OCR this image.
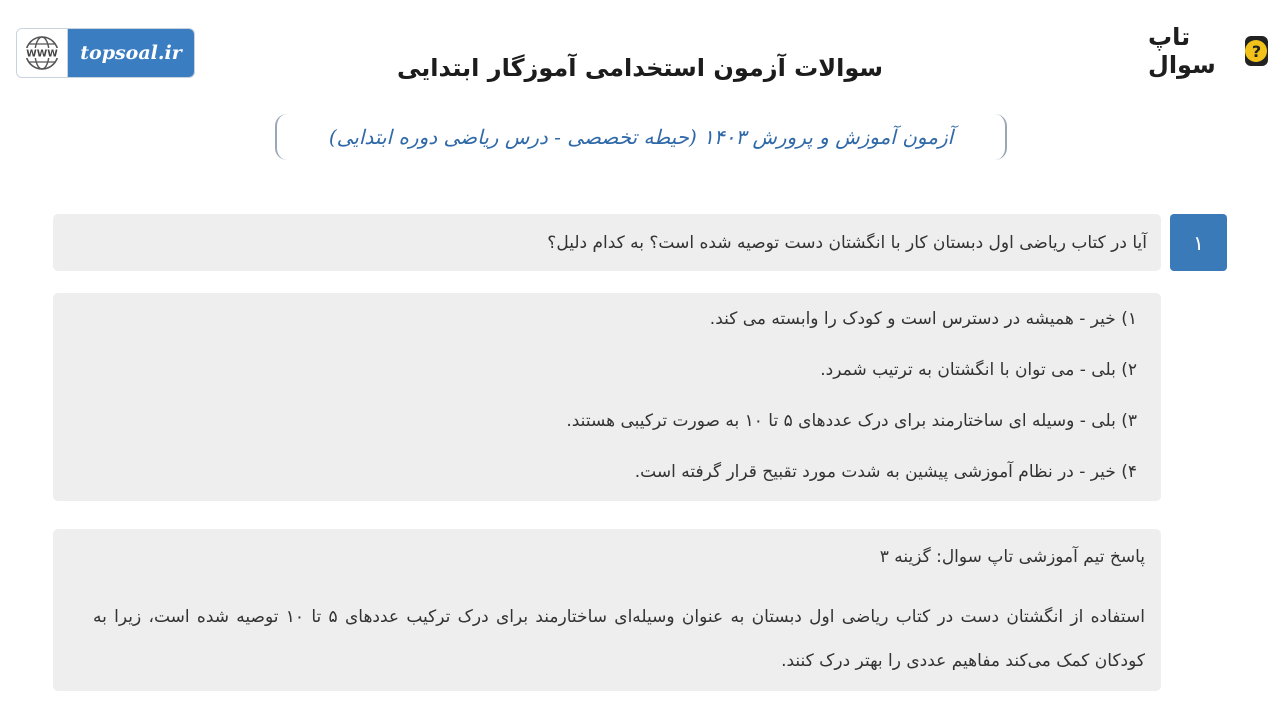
WWW	topsoal.ir
تاپ سوال	?
سوالات آزمون استخدامی آموزگار ابتدایی
آزمون آموزش و پرورش ۱۴۰۳ (حیطه تخصصی - درس ریاضی دوره ابتدایی)
۱
آیا در کتاب ریاضی اول دبستان کار با انگشتان دست توصیه شده است؟ به کدام دلیل؟
۱) خیر - همیشه در دسترس است و کودک را وابسته می کند.
۲) بلی - می توان با انگشتان به ترتیب شمرد.
۳) بلی - وسیله ای ساختارمند برای درک عددهای ۵ تا ۱۰ به صورت ترکیبی هستند.
۴) خیر - در نظام آموزشی پیشین به شدت مورد تقبیح قرار گرفته است.
پاسخ تیم آموزشی تاپ سوال: گزینه ۳
استفاده از انگشتان دست در کتاب ریاضی اول دبستان به عنوان وسیله‌ای ساختارمند برای درک ترکیب عددهای ۵ تا ۱۰ توصیه شده است، زیرا به کودکان کمک می‌کند مفاهیم عددی را بهتر درک کنند.
